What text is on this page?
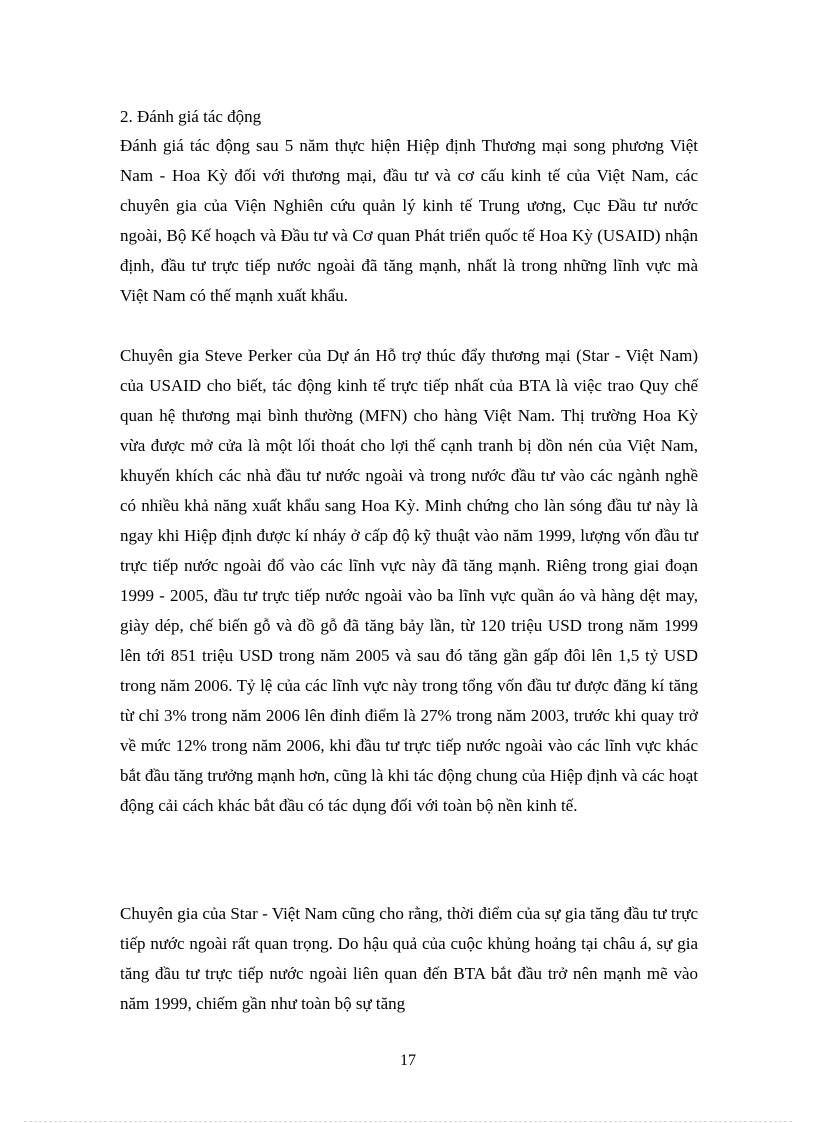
2. Đánh giá tác động

Đánh giá tác động sau 5 năm thực hiện Hiệp định Thương mại song phương Việt Nam - Hoa Kỳ đối với thương mại, đầu tư và cơ cấu kinh tế của Việt Nam, các chuyên gia của Viện Nghiên cứu quản lý kinh tế Trung ương, Cục Đầu tư nước ngoài, Bộ Kế hoạch và Đầu tư và Cơ quan Phát triển quốc tế Hoa Kỳ (USAID) nhận định, đầu tư trực tiếp nước ngoài đã tăng mạnh, nhất là trong những lĩnh vực mà Việt Nam có thế mạnh xuất khẩu.

Chuyên gia Steve Perker của Dự án Hỗ trợ thúc đẩy thương mại (Star - Việt Nam) của USAID cho biết, tác động kinh tế trực tiếp nhất của BTA là việc trao Quy chế quan hệ thương mại bình thường (MFN) cho hàng Việt Nam. Thị trường Hoa Kỳ vừa được mở cửa là một lối thoát cho lợi thế cạnh tranh bị dồn nén của Việt Nam, khuyến khích các nhà đầu tư nước ngoài và trong nước đầu tư vào các ngành nghề có nhiều khả năng xuất khẩu sang Hoa Kỳ. Minh chứng cho làn sóng đầu tư này là ngay khi Hiệp định được kí nháy ở cấp độ kỹ thuật vào năm 1999, lượng vốn đầu tư trực tiếp nước ngoài đổ vào các lĩnh vực này đã tăng mạnh. Riêng trong giai đoạn 1999 - 2005, đầu tư trực tiếp nước ngoài vào ba lĩnh vực quần áo và hàng dệt may, giày dép, chế biến gỗ và đồ gỗ đã tăng bảy lần, từ 120 triệu USD trong năm 1999 lên tới 851 triệu USD trong năm 2005 và sau đó tăng gần gấp đôi lên 1,5 tỷ USD trong năm 2006. Tỷ lệ của các lĩnh vực này trong tổng vốn đầu tư được đăng kí tăng từ chỉ 3% trong năm 2006 lên đỉnh điểm là 27% trong năm 2003, trước khi quay trở về mức 12% trong năm 2006, khi đầu tư trực tiếp nước ngoài vào các lĩnh vực khác bắt đầu tăng trưởng mạnh hơn, cũng là khi tác động chung của Hiệp định và các hoạt động cải cách khác bắt đầu có tác dụng đối với toàn bộ nền kinh tế.

Chuyên gia của Star - Việt Nam cũng cho rằng, thời điểm của sự gia tăng đầu tư trực tiếp nước ngoài rất quan trọng. Do hậu quả của cuộc khủng hoảng tại châu á, sự gia tăng đầu tư trực tiếp nước ngoài liên quan đến BTA bắt đầu trở nên mạnh mẽ vào năm 1999, chiếm gần như toàn bộ sự tăng

17
